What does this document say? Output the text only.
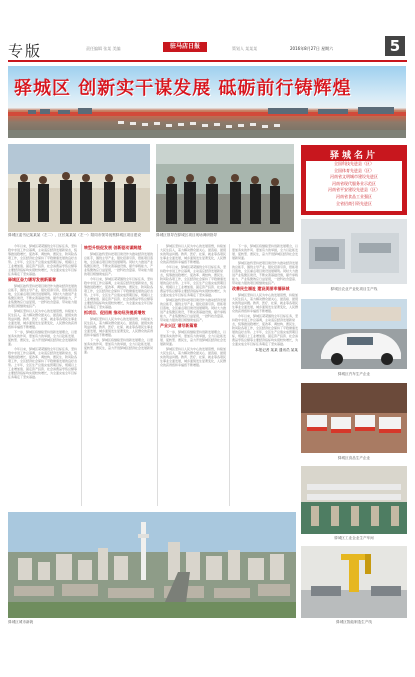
专版	责任编辑 张某 美编	策划人 某某某
驻马店日报	2016年8月27日 星期六	5
驿城区 创新实干谋发展 砥砺前行铸辉煌
驿城区委书记某某某（左二）、区长某某某（左一）陪同市领导视察驿城区项目建设	驿城区领导在驿城区项目现场调研指导
驿城名片
全国科技先进县（区）
全国体育先进县（区）
河南省文明城市建设先进区
河南省现代服务业示范区
河南省平安建设先进县（区）
河南省食品工业强区
全省招商引资先进区
驿城区农业产业化项目生产线
驿城区汽车生产企业
驿城区食品生产企业
驿城区工业企业生产车间
驿城区智能制造生产线

今年以来，驿城区紧紧围绕全年目标任务，坚持稳中求进工作总基调，主动适应经济发展新常态，统筹推进稳增长、促改革、调结构、惠民生、防风险各项工作，全区经济社会保持了平稳健康发展的良好态势。上半年，全区生产总值完成预期目标，规模以上工业增加值、固定资产投资、社会消费品零售总额等主要经济指标均实现较快增长，为全面完成全年目标任务奠定了坚实基础。

驿城区奋力谱写发展新篇章

驿城区始终坚持把项目建设作为推动经济发展的总抓手，围绕主导产业，强化招商引资，狠抓项目落地，全区重点项目建设进展顺利。同时大力推进产业集聚区建设，不断完善基础设施，提升承载能力，产业集聚效应日益显现，一批科技含量高、带动能力强的项目相继建成投产。

驿城区坚持以人民为中心的发展思想，持续加大民生投入，着力解决群众最关心、最直接、最现实的利益问题。教育、医疗、社保、就业等各项民生事业全面发展，城乡面貌发生显著变化，人民群众的获得感和幸福感不断增强。

下一步，驿城区将继续坚持创新发展理念，以更加务实的作风、更加有力的举措，全力以赴抓发展、促转型、惠民生，奋力开创驿城区经济社会发展新局面。

今年以来，驿城区紧紧围绕全年目标任务，坚持稳中求进工作总基调，主动适应经济发展新常态，统筹推进稳增长、促改革、调结构、惠民生、防风险各项工作，全区经济社会保持了平稳健康发展的良好态势。上半年，全区生产总值完成预期目标，规模以上工业增加值、固定资产投资、社会消费品零售总额等主要经济指标均实现较快增长，为全面完成全年目标任务奠定了坚实基础。

转型升级促发展 创新驱动谋跨越

驿城区始终坚持把项目建设作为推动经济发展的总抓手，围绕主导产业，强化招商引资，狠抓项目落地，全区重点项目建设进展顺利。同时大力推进产业集聚区建设，不断完善基础设施，提升承载能力，产业集聚效应日益显现，一批科技含量高、带动能力强的项目相继建成投产。

今年以来，驿城区紧紧围绕全年目标任务，坚持稳中求进工作总基调，主动适应经济发展新常态，统筹推进稳增长、促改革、调结构、惠民生、防风险各项工作，全区经济社会保持了平稳健康发展的良好态势。上半年，全区生产总值完成预期目标，规模以上工业增加值、固定资产投资、社会消费品零售总额等主要经济指标均实现较快增长，为全面完成全年目标任务奠定了坚实基础。

抓项目、促招商 推动经济提质增效

驿城区坚持以人民为中心的发展思想，持续加大民生投入，着力解决群众最关心、最直接、最现实的利益问题。教育、医疗、社保、就业等各项民生事业全面发展，城乡面貌发生显著变化，人民群众的获得感和幸福感不断增强。

下一步，驿城区将继续坚持创新发展理念，以更加务实的作风、更加有力的举措，全力以赴抓发展、促转型、惠民生，奋力开创驿城区经济社会发展新局面。

驿城区坚持以人民为中心的发展思想，持续加大民生投入，着力解决群众最关心、最直接、最现实的利益问题。教育、医疗、社保、就业等各项民生事业全面发展，城乡面貌发生显著变化，人民群众的获得感和幸福感不断增强。

今年以来，驿城区紧紧围绕全年目标任务，坚持稳中求进工作总基调，主动适应经济发展新常态，统筹推进稳增长、促改革、调结构、惠民生、防风险各项工作，全区经济社会保持了平稳健康发展的良好态势。上半年，全区生产总值完成预期目标，规模以上工业增加值、固定资产投资、社会消费品零售总额等主要经济指标均实现较快增长，为全面完成全年目标任务奠定了坚实基础。

驿城区始终坚持把项目建设作为推动经济发展的总抓手，围绕主导产业，强化招商引资，狠抓项目落地，全区重点项目建设进展顺利。同时大力推进产业集聚区建设，不断完善基础设施，提升承载能力，产业集聚效应日益显现，一批科技含量高、带动能力强的项目相继建成投产。

产业兴区 谱写新篇章

下一步，驿城区将继续坚持创新发展理念，以更加务实的作风、更加有力的举措，全力以赴抓发展、促转型、惠民生，奋力开创驿城区经济社会发展新局面。

驿城区坚持以人民为中心的发展思想，持续加大民生投入，着力解决群众最关心、最直接、最现实的利益问题。教育、医疗、社保、就业等各项民生事业全面发展，城乡面貌发生显著变化，人民群众的获得感和幸福感不断增强。

下一步，驿城区将继续坚持创新发展理念，以更加务实的作风、更加有力的举措，全力以赴抓发展、促转型、惠民生，奋力开创驿城区经济社会发展新局面。

驿城区始终坚持把项目建设作为推动经济发展的总抓手，围绕主导产业，强化招商引资，狠抓项目落地，全区重点项目建设进展顺利。同时大力推进产业集聚区建设，不断完善基础设施，提升承载能力，产业集聚效应日益显现，一批科技含量高、带动能力强的项目相继建成投产。

改善民生福祉 建设美丽幸福驿城

驿城区坚持以人民为中心的发展思想，持续加大民生投入，着力解决群众最关心、最直接、最现实的利益问题。教育、医疗、社保、就业等各项民生事业全面发展，城乡面貌发生显著变化，人民群众的获得感和幸福感不断增强。

今年以来，驿城区紧紧围绕全年目标任务，坚持稳中求进工作总基调，主动适应经济发展新常态，统筹推进稳增长、促改革、调结构、惠民生、防风险各项工作，全区经济社会保持了平稳健康发展的良好态势。上半年，全区生产总值完成预期目标，规模以上工业增加值、固定资产投资、社会消费品零售总额等主要经济指标均实现较快增长，为全面完成全年目标任务奠定了坚实基础。

本报记者 某某 通讯员 某某
驿城区城市新貌
